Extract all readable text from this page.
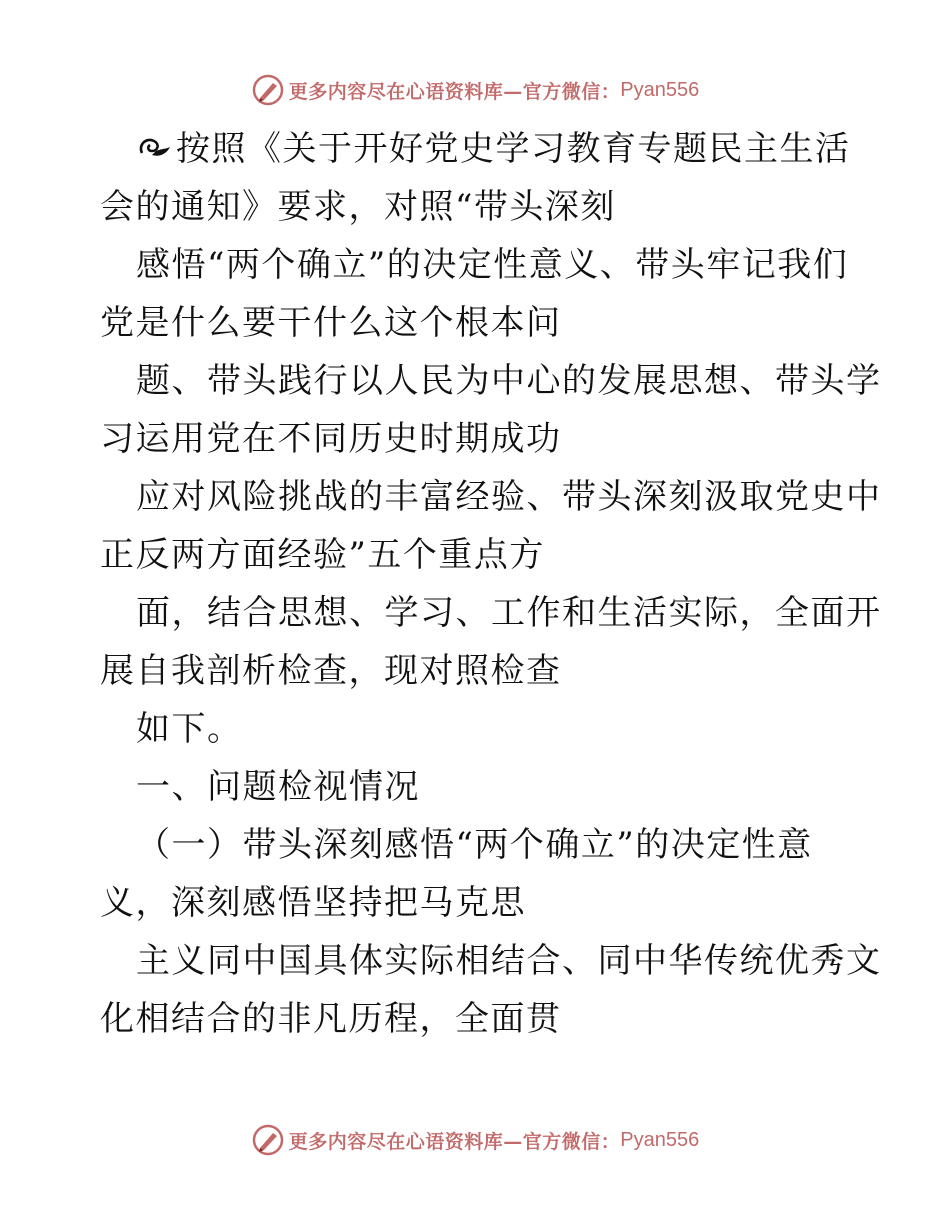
更多内容尽在心语资料库—官方微信： Pyan556
按照《关于开好党史学习教育专题民主生活
会的通知》要求，对照“带头深刻
感悟“两个确立”的决定性意义、带头牢记我们
党是什么要干什么这个根本问
题、带头践行以人民为中心的发展思想、带头学
习运用党在不同历史时期成功
应对风险挑战的丰富经验、带头深刻汲取党史中
正反两方面经验”五个重点方
面，结合思想、学习、工作和生活实际，全面开
展自我剖析检查，现对照检查
如下。
一、问题检视情况
（一）带头深刻感悟“两个确立”的决定性意
义，深刻感悟坚持把马克思
主义同中国具体实际相结合、同中华传统优秀文
化相结合的非凡历程，全面贯
更多内容尽在心语资料库—官方微信： Pyan556
